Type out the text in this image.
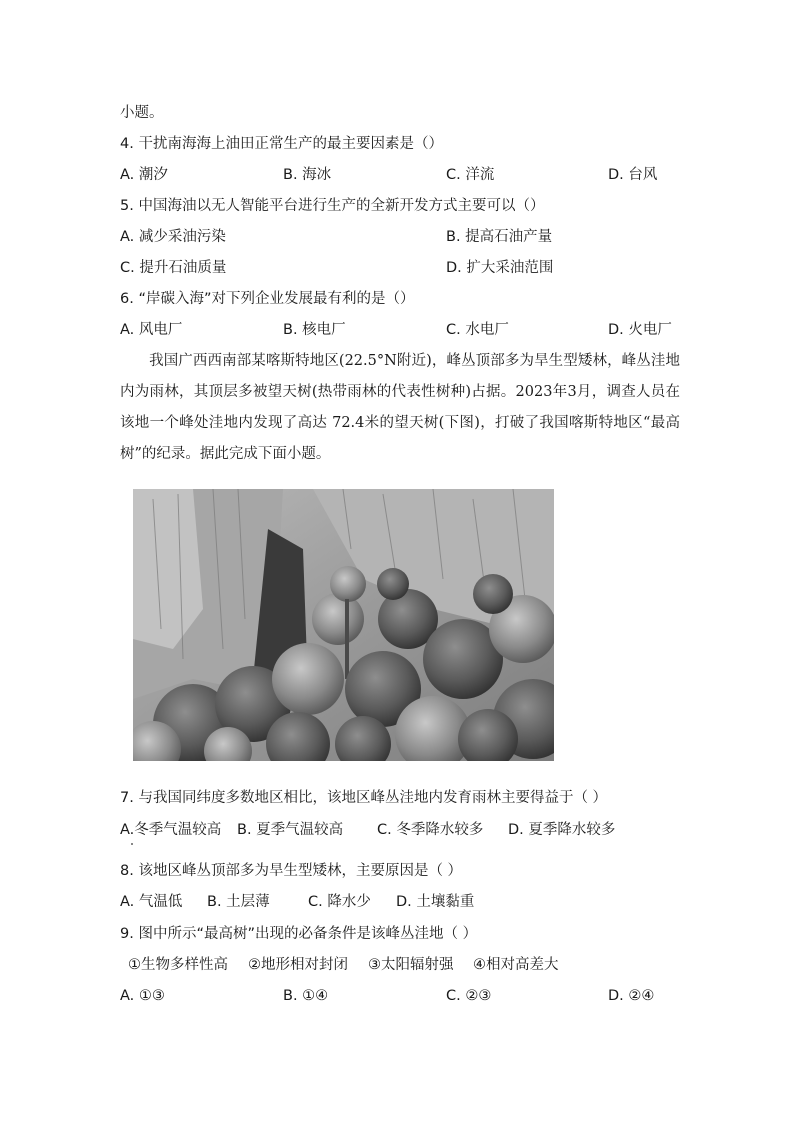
小题。
4. 干扰南海海上油田正常生产的最主要因素是（）
A. 潮汐	B. 海冰	C. 洋流	D. 台风
5. 中国海油以无人智能平台进行生产的全新开发方式主要可以（）
A. 减少采油污染	B. 提高石油产量
C. 提升石油质量	D. 扩大采油范围
6. “岸碳入海”对下列企业发展最有利的是（）
A. 风电厂	B. 核电厂	C. 水电厂	D. 火电厂
我国广西西南部某喀斯特地区(22.5°N附近)，峰丛顶部多为旱生型矮林，峰丛洼地内为雨林，其顶层多被望天树(热带雨林的代表性树种)占据。2023年3月，调查人员在该地一个峰处洼地内发现了高达 72.4米的望天树(下图)，打破了我国喀斯特地区“最高树”的纪录。据此完成下面小题。
7. 与我国同纬度多数地区相比，该地区峰丛洼地内发育雨林主要得益于（ ）
A.冬季气温较高 B. 夏季气温较高 C. 冬季降水较多 D. 夏季降水较多
8. 该地区峰丛顶部多为旱生型矮林，主要原因是（ ）
A. 气温低 B. 土层薄	C. 降水少 D. 土壤黏重
9. 图中所示“最高树”出现的必备条件是该峰丛洼地（ ）
①生物多样性高 ②地形相对封闭 ③太阳辐射强 ④相对高差大
A. ①③	B. ①④	C. ②③	D. ②④
